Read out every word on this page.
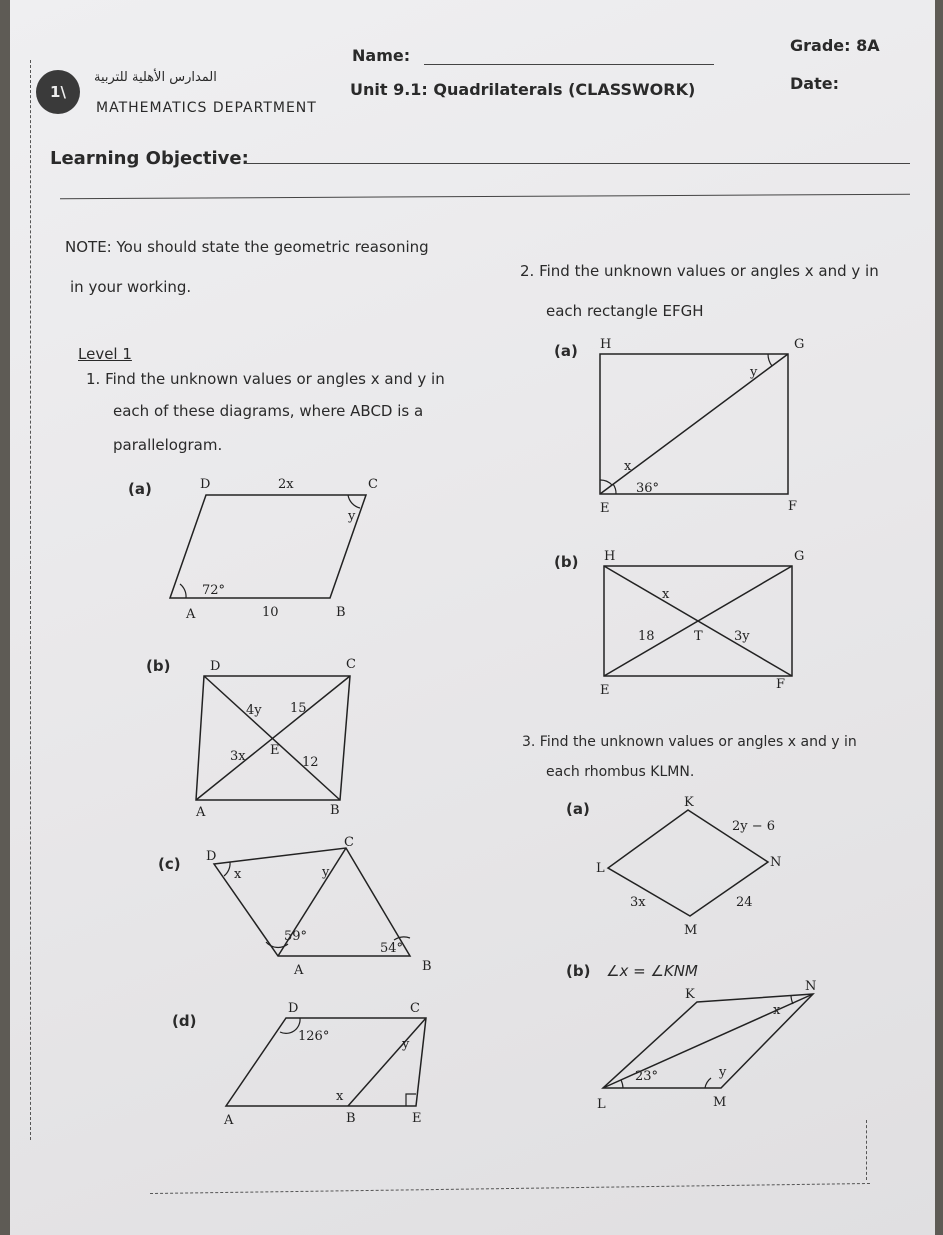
1\
المدارس الأهلية للتربية
MATHEMATICS DEPARTMENT
Name:
Grade: 8A
Unit 9.1: Quadrilaterals (CLASSWORK)	Date:
Learning Objective:
NOTE: You should state the geometric reasoning
in your working.
Level 1
1. Find the unknown values or angles x and y in
each of these diagrams, where ABCD is a
parallelogram.
(a)	D	C
A	B
2x
y
72°
10
(b)	D	C
A	B
E
4y 15
3x	12
(c) D
C
A	B
x	y
59°
54°
(d)
D	C
A	B	E
126°
x
y
2. Find the unknown values or angles x and y in
each rectangle EFGH
(a) H	G
E	F
x
y
36°
(b) H	G
E	F
T
x
18	3y
3. Find the unknown values or angles x and y in
each rhombus KLMN.
(a)	K
L
M
N
2y − 6
3x	24
(b) ∠x = ∠KNM
K
N
L	M
x
y
23°
